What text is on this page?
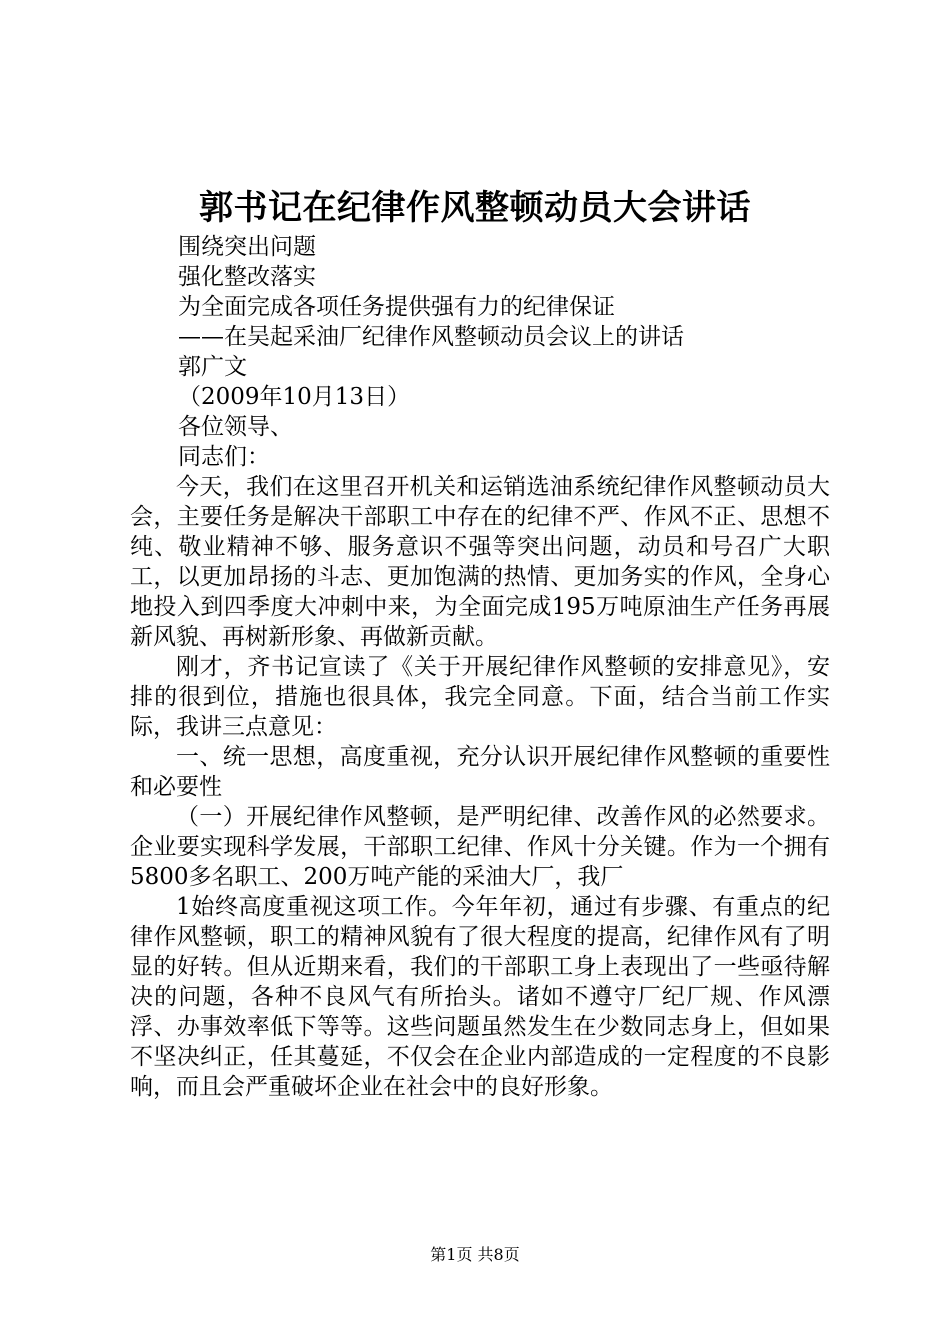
郭书记在纪律作风整顿动员大会讲话
围绕突出问题
强化整改落实
为全面完成各项任务提供强有力的纪律保证
——在吴起采油厂纪律作风整顿动员会议上的讲话
郭广文
（2009年10月13日）
各位领导、
同志们：

今天，我们在这里召开机关和运销选油系统纪律作风整顿动员大会，主要任务是解决干部职工中存在的纪律不严、作风不正、思想不纯、敬业精神不够、服务意识不强等突出问题，动员和号召广大职工，以更加昂扬的斗志、更加饱满的热情、更加务实的作风，全身心地投入到四季度大冲刺中来，为全面完成195万吨原油生产任务再展新风貌、再树新形象、再做新贡献。

刚才，齐书记宣读了《关于开展纪律作风整顿的安排意见》，安排的很到位，措施也很具体，我完全同意。下面，结合当前工作实际，我讲三点意见：

一、统一思想，高度重视，充分认识开展纪律作风整顿的重要性和必要性

（一）开展纪律作风整顿，是严明纪律、改善作风的必然要求。企业要实现科学发展，干部职工纪律、作风十分关键。作为一个拥有5800多名职工、200万吨产能的采油大厂，我厂

1始终高度重视这项工作。今年年初，通过有步骤、有重点的纪律作风整顿，职工的精神风貌有了很大程度的提高，纪律作风有了明显的好转。但从近期来看，我们的干部职工身上表现出了一些亟待解决的问题，各种不良风气有所抬头。诸如不遵守厂纪厂规、作风漂浮、办事效率低下等等。这些问题虽然发生在少数同志身上，但如果不坚决纠正，任其蔓延，不仅会在企业内部造成的一定程度的不良影响，而且会严重破坏企业在社会中的良好形象。

第1页 共8页
